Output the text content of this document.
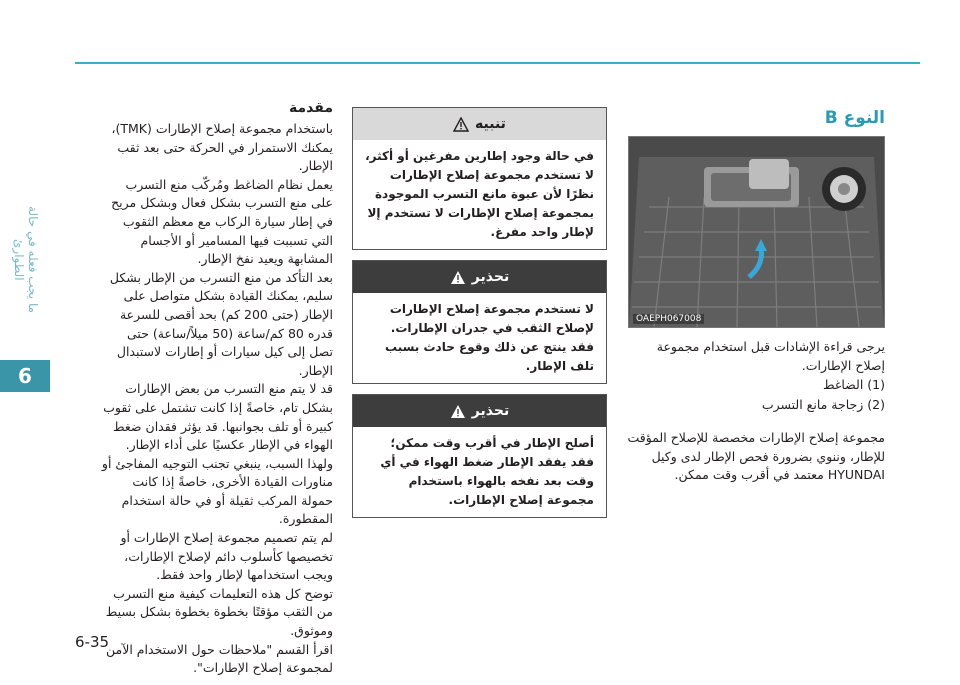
ما يجب فعله في حالة الطوارئ
6
6-35
مقدمة

باستخدام مجموعة إصلاح الإطارات (TMK)، يمكنك الاستمرار في الحركة حتى بعد ثقب الإطار.

يعمل نظام الضاغط ومُركّب منع التسرب على منع التسرب بشكل فعال وبشكل مريح في إطار سيارة الركاب مع معظم الثقوب التي تسببت فيها المسامير أو الأجسام المشابهة ويعيد نفخ الإطار.

بعد التأكد من منع التسرب من الإطار بشكل سليم، يمكنك القيادة بشكل متواصل على الإطار (حتى 200 كم) بحد أقصى للسرعة قدره 80 كم/ساعة (50 ميلاً/ساعة) حتى تصل إلى كيل سيارات أو إطارات لاستبدال الإطار.

قد لا يتم منع التسرب من بعض الإطارات بشكل تام، خاصةً إذا كانت تشتمل على ثقوب كبيرة أو تلف بجوانبها. قد يؤثر فقدان ضغط الهواء في الإطار عكسيًا على أداء الإطار.

ولهذا السبب، ينبغي تجنب التوجيه المفاجئ أو مناورات القيادة الأخرى، خاصةً إذا كانت حمولة المركب ثقيلة أو في حالة استخدام المقطورة.

لم يتم تصميم مجموعة إصلاح الإطارات أو تخصيصها كأسلوب دائم لإصلاح الإطارات، ويجب استخدامها لإطار واحد فقط.

توضح كل هذه التعليمات كيفية منع التسرب من الثقب مؤقتًا بخطوة بخطوة بشكل بسيط وموثوق.

اقرأ القسم "ملاحظات حول الاستخدام الآمن لمجموعة إصلاح الإطارات".

تنبيه
في حالة وجود إطارين مفرغين أو أكثر، لا تستخدم مجموعة إصلاح الإطارات نظرًا لأن عبوة مانع التسرب الموجودة بمجموعة إصلاح الإطارات لا تستخدم إلا لإطار واحد مفرغ.
تحذير
لا تستخدم مجموعة إصلاح الإطارات لإصلاح الثقب في جدران الإطارات. فقد ينتج عن ذلك وقوع حادث بسبب تلف الإطار.
تحذير
أصلح الإطار في أقرب وقت ممكن؛ فقد يفقد الإطار ضغط الهواء في أي وقت بعد نفخه بالهواء باستخدام مجموعة إصلاح الإطارات.
النوع B
OAEPH067008

يرجى قراءة الإشادات قبل استخدام مجموعة إصلاح الإطارات.

(1) الضاغط

(2) زجاجة مانع التسرب

مجموعة إصلاح الإطارات مخصصة للإصلاح المؤقت للإطار، وننوي بضرورة فحص الإطار لدى وكيل HYUNDAI معتمد في أقرب وقت ممكن.
